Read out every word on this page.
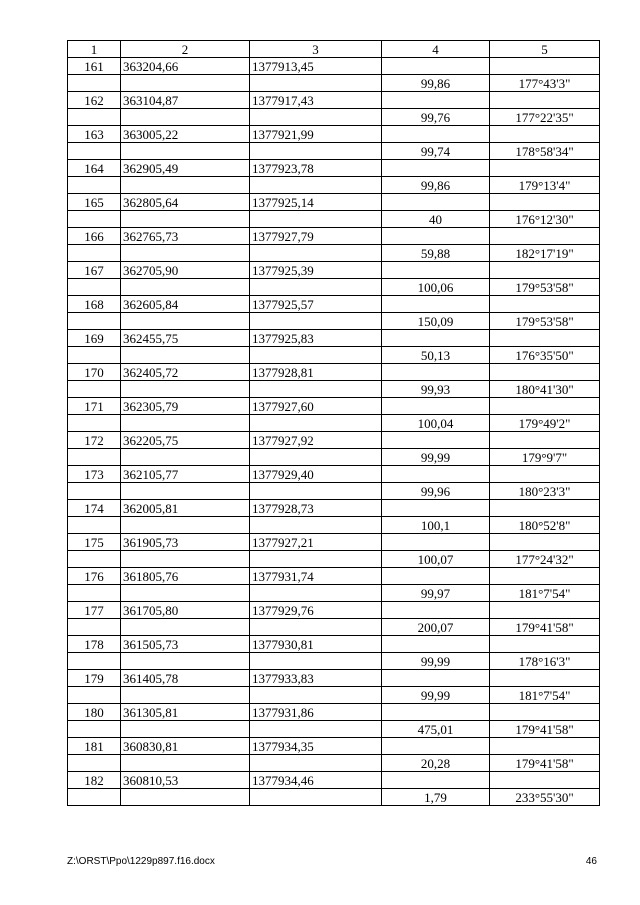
1	2	3	4	5
161	363204,66	1377913,45		
			99,86	177°43'3"
162	363104,87	1377917,43		
			99,76	177°22'35"
163	363005,22	1377921,99		
			99,74	178°58'34"
164	362905,49	1377923,78		
			99,86	179°13'4"
165	362805,64	1377925,14		
			40	176°12'30"
166	362765,73	1377927,79		
			59,88	182°17'19"
167	362705,90	1377925,39		
			100,06	179°53'58"
168	362605,84	1377925,57		
			150,09	179°53'58"
169	362455,75	1377925,83		
			50,13	176°35'50"
170	362405,72	1377928,81		
			99,93	180°41'30"
171	362305,79	1377927,60		
			100,04	179°49'2"
172	362205,75	1377927,92		
			99,99	179°9'7"
173	362105,77	1377929,40		
			99,96	180°23'3"
174	362005,81	1377928,73		
			100,1	180°52'8"
175	361905,73	1377927,21		
			100,07	177°24'32"
176	361805,76	1377931,74		
			99,97	181°7'54"
177	361705,80	1377929,76		
			200,07	179°41'58"
178	361505,73	1377930,81		
			99,99	178°16'3"
179	361405,78	1377933,83		
			99,99	181°7'54"
180	361305,81	1377931,86		
			475,01	179°41'58"
181	360830,81	1377934,35		
			20,28	179°41'58"
182	360810,53	1377934,46		
			1,79	233°55'30"
Z:\ORST\Ppo\1229p897.f16.docx	46
